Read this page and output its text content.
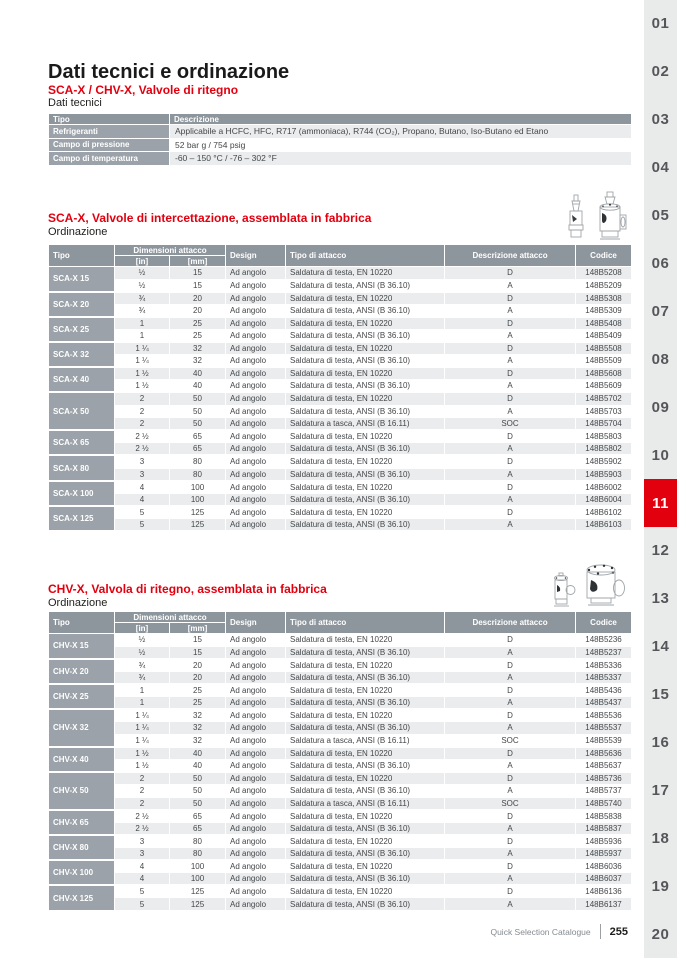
Dati tecnici e ordinazione
SCA-X / CHV-X, Valvole di ritegno
Dati tecnici
Tipo	Descrizione
Refrigeranti	Applicabile a HCFC, HFC, R717 (ammoniaca), R744 (CO₂), Propano, Butano, Iso-Butano ed Etano
Campo di pressione	52 bar g / 754 psig
Campo di temperatura	-60 – 150 °C / -76 – 302 °F
SCA-X, Valvole di intercettazione, assemblata in fabbrica
Ordinazione
Tipo	Dimensioni attacco		Design	Tipo di attacco	Descrizione attacco	Codice
	[in]	[mm]				
SCA-X 15	½	15	Ad angolo	Saldatura di testa, EN 10220	D	148B5208
	½	15	Ad angolo	Saldatura di testa, ANSI (B 36.10)	A	148B5209
SCA-X 20	¾	20	Ad angolo	Saldatura di testa, EN 10220	D	148B5308
	¾	20	Ad angolo	Saldatura di testa, ANSI (B 36.10)	A	148B5309
SCA-X 25	1	25	Ad angolo	Saldatura di testa, EN 10220	D	148B5408
	1	25	Ad angolo	Saldatura di testa, ANSI (B 36.10)	A	148B5409
SCA-X 32	1 ¼	32	Ad angolo	Saldatura di testa, EN 10220	D	148B5508
	1 ¼	32	Ad angolo	Saldatura di testa, ANSI (B 36.10)	A	148B5509
SCA-X 40	1 ½	40	Ad angolo	Saldatura di testa, EN 10220	D	148B5608
	1 ½	40	Ad angolo	Saldatura di testa, ANSI (B 36.10)	A	148B5609
SCA-X 50	2	50	Ad angolo	Saldatura di testa, EN 10220	D	148B5702
	2	50	Ad angolo	Saldatura di testa, ANSI (B 36.10)	A	148B5703
	2	50	Ad angolo	Saldatura a tasca, ANSI (B 16.11)	SOC	148B5704
SCA-X 65	2 ½	65	Ad angolo	Saldatura di testa, EN 10220	D	148B5803
	2 ½	65	Ad angolo	Saldatura di testa, ANSI (B 36.10)	A	148B5802
SCA-X 80	3	80	Ad angolo	Saldatura di testa, EN 10220	D	148B5902
	3	80	Ad angolo	Saldatura di testa, ANSI (B 36.10)	A	148B5903
SCA-X 100	4	100	Ad angolo	Saldatura di testa, EN 10220	D	148B6002
	4	100	Ad angolo	Saldatura di testa, ANSI (B 36.10)	A	148B6004
SCA-X 125	5	125	Ad angolo	Saldatura di testa, EN 10220	D	148B6102
	5	125	Ad angolo	Saldatura di testa, ANSI (B 36.10)	A	148B6103
CHV-X, Valvola di ritegno, assemblata in fabbrica
Ordinazione
Tipo	Dimensioni attacco		Design	Tipo di attacco	Descrizione attacco	Codice
	[in]	[mm]				
CHV-X 15	½	15	Ad angolo	Saldatura di testa, EN 10220	D	148B5236
	½	15	Ad angolo	Saldatura di testa, ANSI (B 36.10)	A	148B5237
CHV-X 20	¾	20	Ad angolo	Saldatura di testa, EN 10220	D	148B5336
	¾	20	Ad angolo	Saldatura di testa, ANSI (B 36.10)	A	148B5337
CHV-X 25	1	25	Ad angolo	Saldatura di testa, EN 10220	D	148B5436
	1	25	Ad angolo	Saldatura di testa, ANSI (B 36.10)	A	148B5437
CHV-X 32	1 ¼	32	Ad angolo	Saldatura di testa, EN 10220	D	148B5536
	1 ¼	32	Ad angolo	Saldatura di testa, ANSI (B 36.10)	A	148B5537
	1 ¼	32	Ad angolo	Saldatura a tasca, ANSI (B 16.11)	SOC	148B5539
CHV-X 40	1 ½	40	Ad angolo	Saldatura di testa, EN 10220	D	148B5636
	1 ½	40	Ad angolo	Saldatura di testa, ANSI (B 36.10)	A	148B5637
CHV-X 50	2	50	Ad angolo	Saldatura di testa, EN 10220	D	148B5736
	2	50	Ad angolo	Saldatura di testa, ANSI (B 36.10)	A	148B5737
	2	50	Ad angolo	Saldatura a tasca, ANSI (B 16.11)	SOC	148B5740
CHV-X 65	2 ½	65	Ad angolo	Saldatura di testa, EN 10220	D	148B5838
	2 ½	65	Ad angolo	Saldatura di testa, ANSI (B 36.10)	A	148B5837
CHV-X 80	3	80	Ad angolo	Saldatura di testa, EN 10220	D	148B5936
	3	80	Ad angolo	Saldatura di testa, ANSI (B 36.10)	A	148B5937
CHV-X 100	4	100	Ad angolo	Saldatura di testa, EN 10220	D	148B6036
	4	100	Ad angolo	Saldatura di testa, ANSI (B 36.10)	A	148B6037
CHV-X 125	5	125	Ad angolo	Saldatura di testa, EN 10220	D	148B6136
	5	125	Ad angolo	Saldatura di testa, ANSI (B 36.10)	A	148B6137
Quick Selection Catalogue 255
01
02
03
04
05
06
07
08
09
10
11
12
13
14
15
16
17
18
19
20
